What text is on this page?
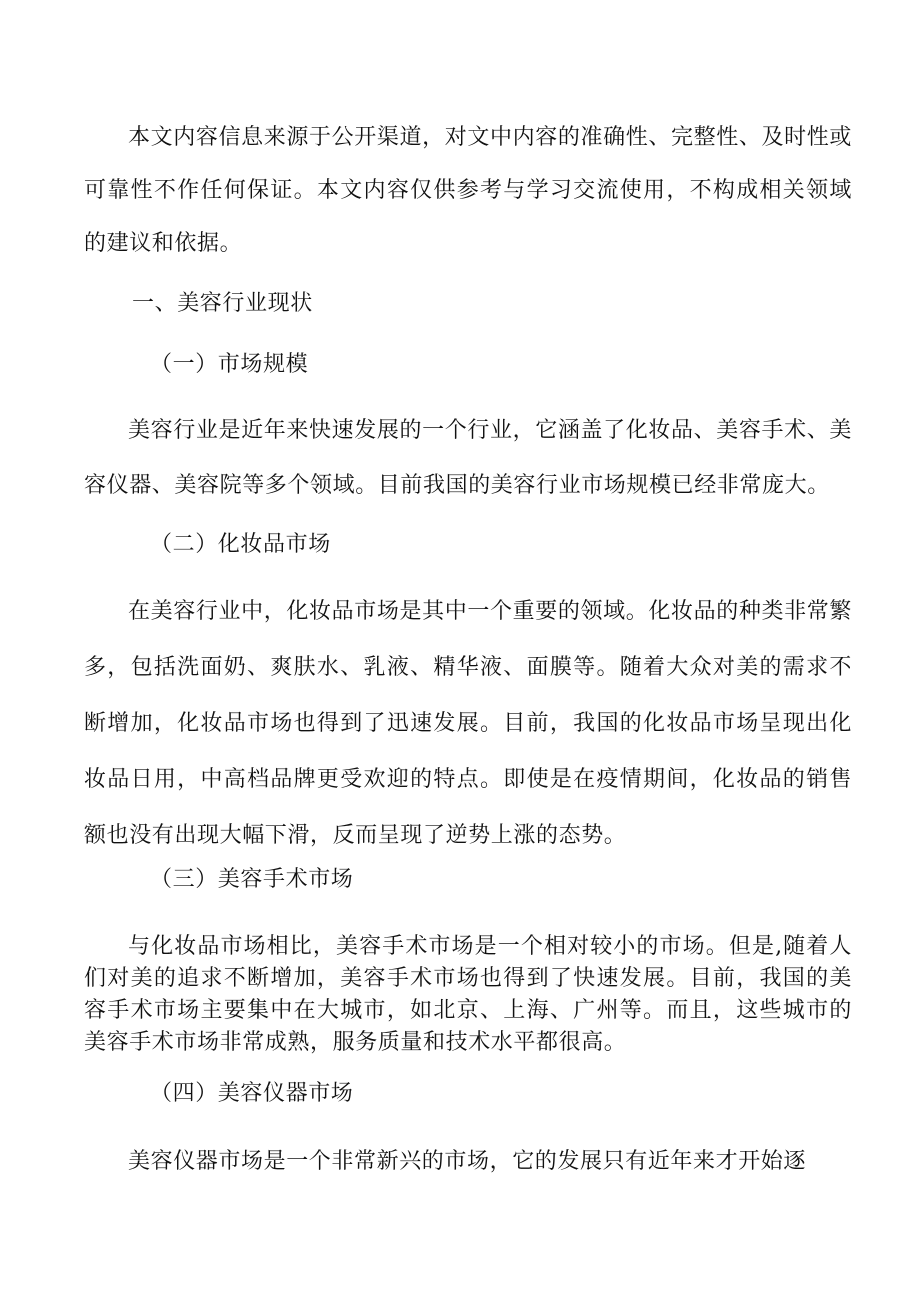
本文内容信息来源于公开渠道，对文中内容的准确性、完整性、及时性或可靠性不作任何保证。本文内容仅供参考与学习交流使用，不构成相关领域的建议和依据。

一、美容行业现状
（一）市场规模

美容行业是近年来快速发展的一个行业，它涵盖了化妆品、美容手术、美容仪器、美容院等多个领域。目前我国的美容行业市场规模已经非常庞大。

（二）化妆品市场

在美容行业中，化妆品市场是其中一个重要的领域。化妆品的种类非常繁多，包括洗面奶、爽肤水、乳液、精华液、面膜等。随着大众对美的需求不断增加，化妆品市场也得到了迅速发展。目前，我国的化妆品市场呈现出化妆品日用，中高档品牌更受欢迎的特点。即使是在疫情期间，化妆品的销售额也没有出现大幅下滑，反而呈现了逆势上涨的态势。

（三）美容手术市场

与化妆品市场相比，美容手术市场是一个相对较小的市场。但是,随着人们对美的追求不断增加，美容手术市场也得到了快速发展。目前，我国的美容手术市场主要集中在大城市，如北京、上海、广州等。而且，这些城市的美容手术市场非常成熟，服务质量和技术水平都很高。

（四）美容仪器市场

美容仪器市场是一个非常新兴的市场，它的发展只有近年来才开始逐
